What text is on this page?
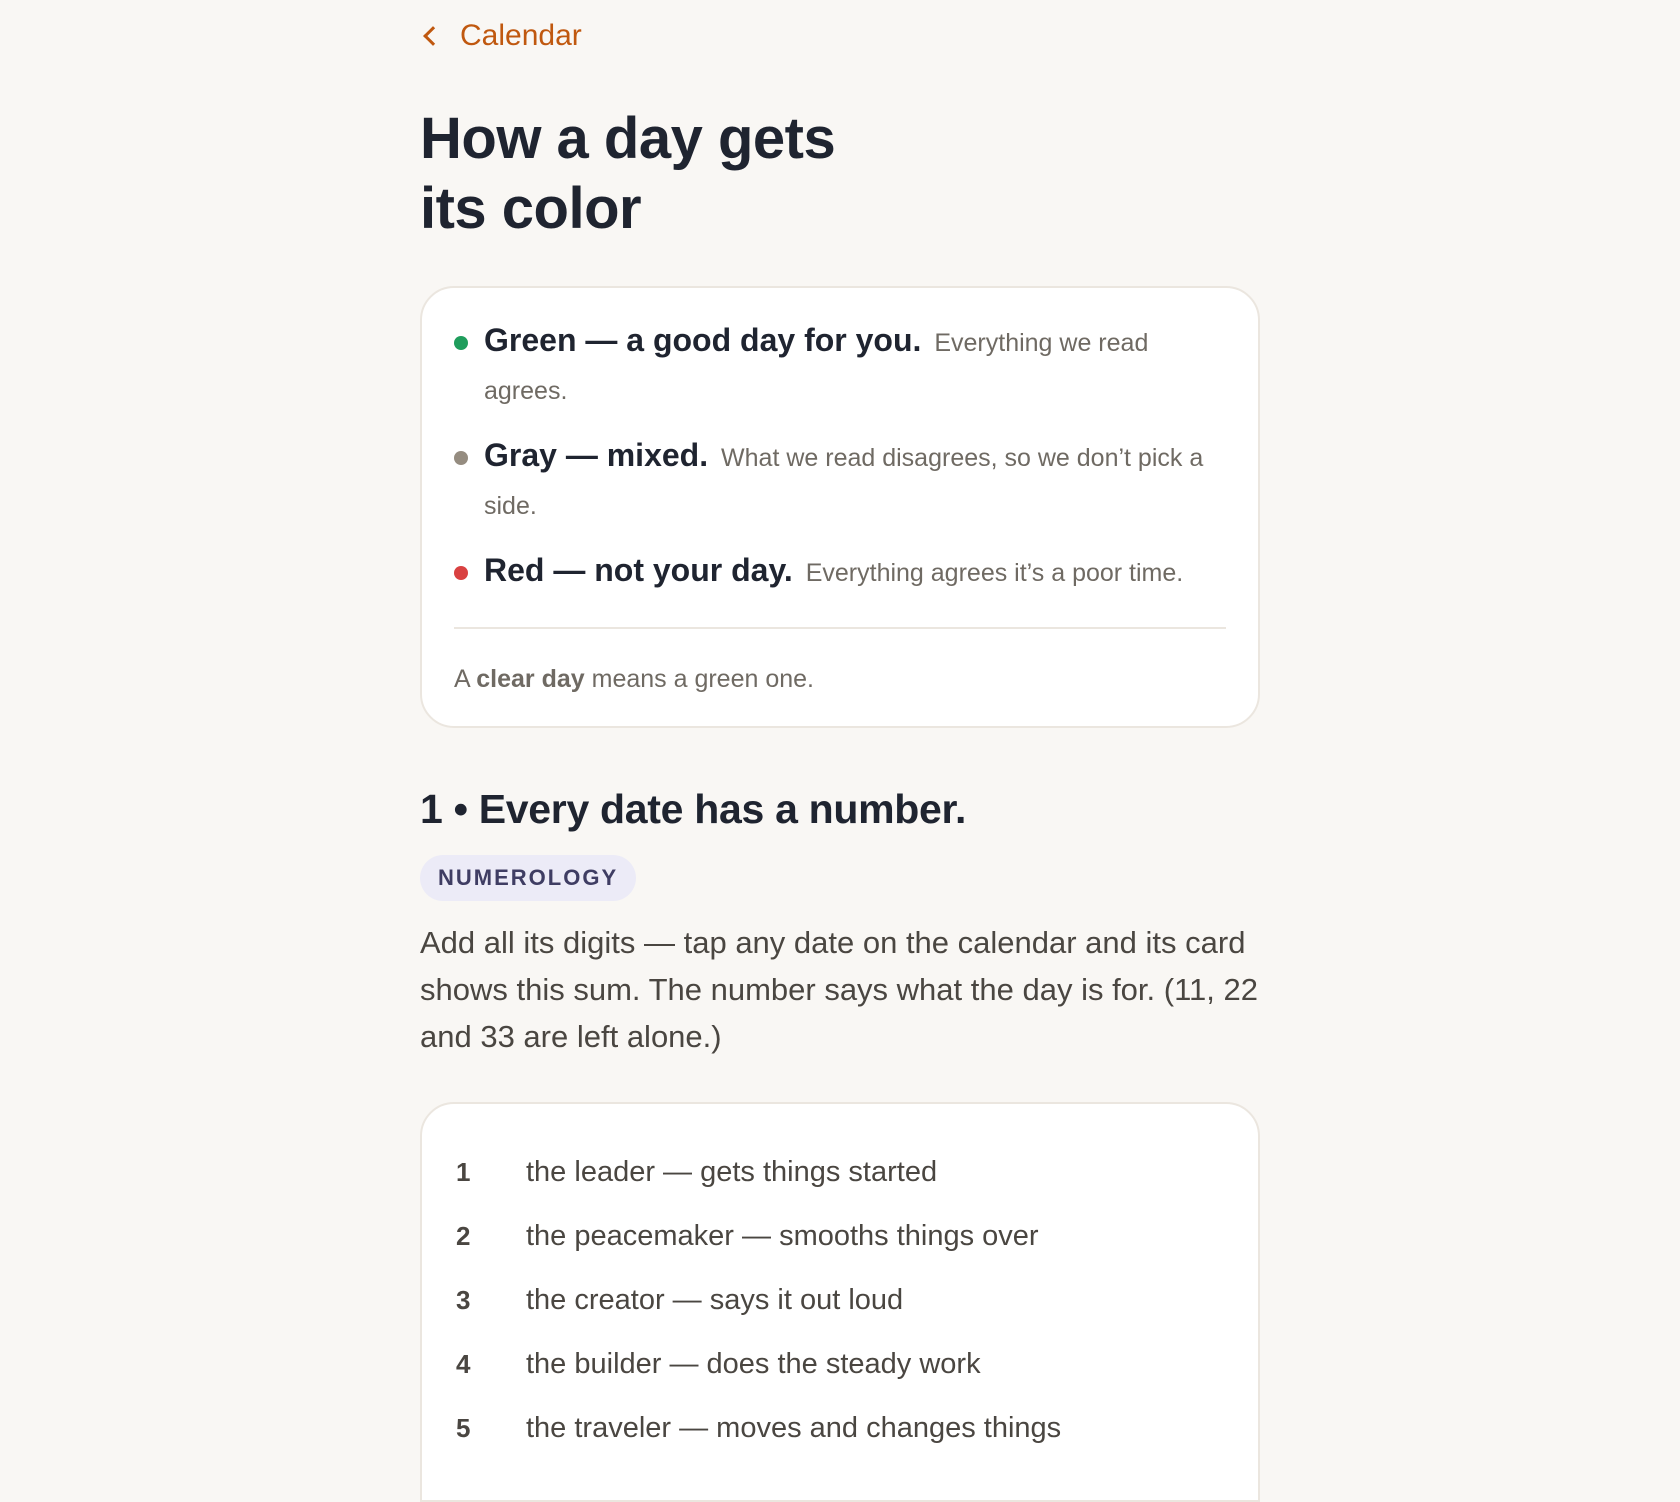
Calendar
How a day gets
its color
Green — a good day for you. Everything we read agrees.
Gray — mixed. What we read disagrees, so we don’t pick a side.
Red — not your day. Everything agrees it’s a poor time.

A clear day means a green one.

1 • Every date has a number.
NUMEROLOGY

Add all its digits — tap any date on the calendar and its card shows this sum. The number says what the day is for. (11, 22 and 33 are left alone.)

1	the leader — gets things started
2	the peacemaker — smooths things over
3	the creator — says it out loud
4	the builder — does the steady work
5	the traveler — moves and changes things
